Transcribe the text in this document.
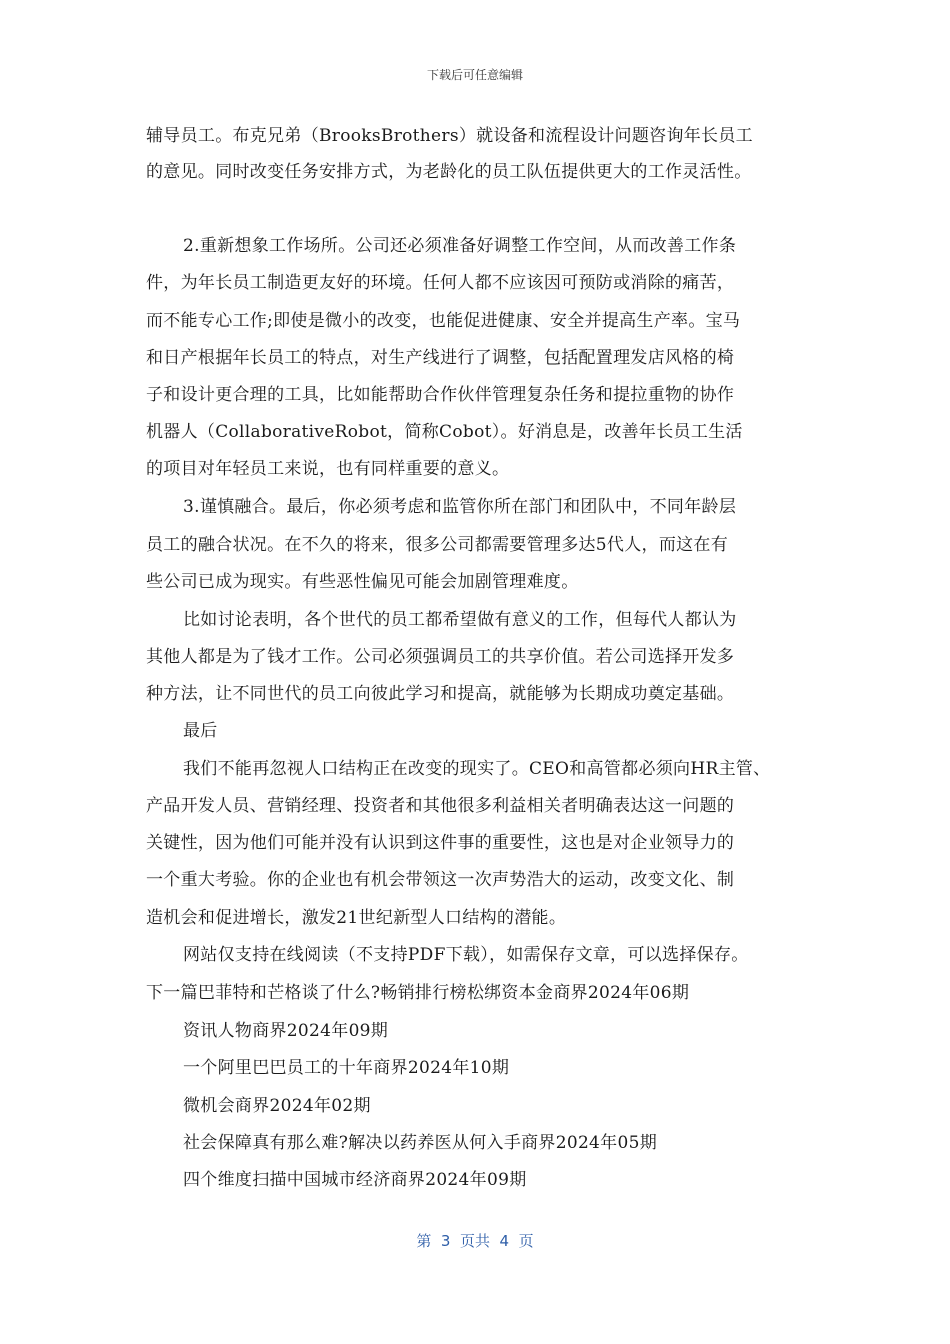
下载后可任意编辑
辅导员工。布克兄弟（BrooksBrothers）就设备和流程设计问题咨询年长员工
的意见。同时改变任务安排方式，为老龄化的员工队伍提供更大的工作灵活性。
2.重新想象工作场所。公司还必须准备好调整工作空间，从而改善工作条
件，为年长员工制造更友好的环境。任何人都不应该因可预防或消除的痛苦，
而不能专心工作;即使是微小的改变，也能促进健康、安全并提高生产率。宝马
和日产根据年长员工的特点，对生产线进行了调整，包括配置理发店风格的椅
子和设计更合理的工具，比如能帮助合作伙伴管理复杂任务和提拉重物的协作
机器人（CollaborativeRobot，简称Cobot）。好消息是，改善年长员工生活
的项目对年轻员工来说，也有同样重要的意义。
3.谨慎融合。最后，你必须考虑和监管你所在部门和团队中，不同年龄层
员工的融合状况。在不久的将来，很多公司都需要管理多达5代人，而这在有
些公司已成为现实。有些恶性偏见可能会加剧管理难度。
比如讨论表明，各个世代的员工都希望做有意义的工作，但每代人都认为
其他人都是为了钱才工作。公司必须强调员工的共享价值。若公司选择开发多
种方法，让不同世代的员工向彼此学习和提高，就能够为长期成功奠定基础。
最后
我们不能再忽视人口结构正在改变的现实了。CEO和高管都必须向HR主管、
产品开发人员、营销经理、投资者和其他很多利益相关者明确表达这一问题的
关键性，因为他们可能并没有认识到这件事的重要性，这也是对企业领导力的
一个重大考验。你的企业也有机会带领这一次声势浩大的运动，改变文化、制
造机会和促进增长，激发21世纪新型人口结构的潜能。
网站仅支持在线阅读（不支持PDF下载），如需保存文章，可以选择保存。
下一篇巴菲特和芒格谈了什么?畅销排行榜松绑资本金商界2024年06期
资讯人物商界2024年09期
一个阿里巴巴员工的十年商界2024年10期
微机会商界2024年02期
社会保障真有那么难?解决以药养医从何入手商界2024年05期
四个维度扫描中国城市经济商界2024年09期
第  3  页共  4  页
